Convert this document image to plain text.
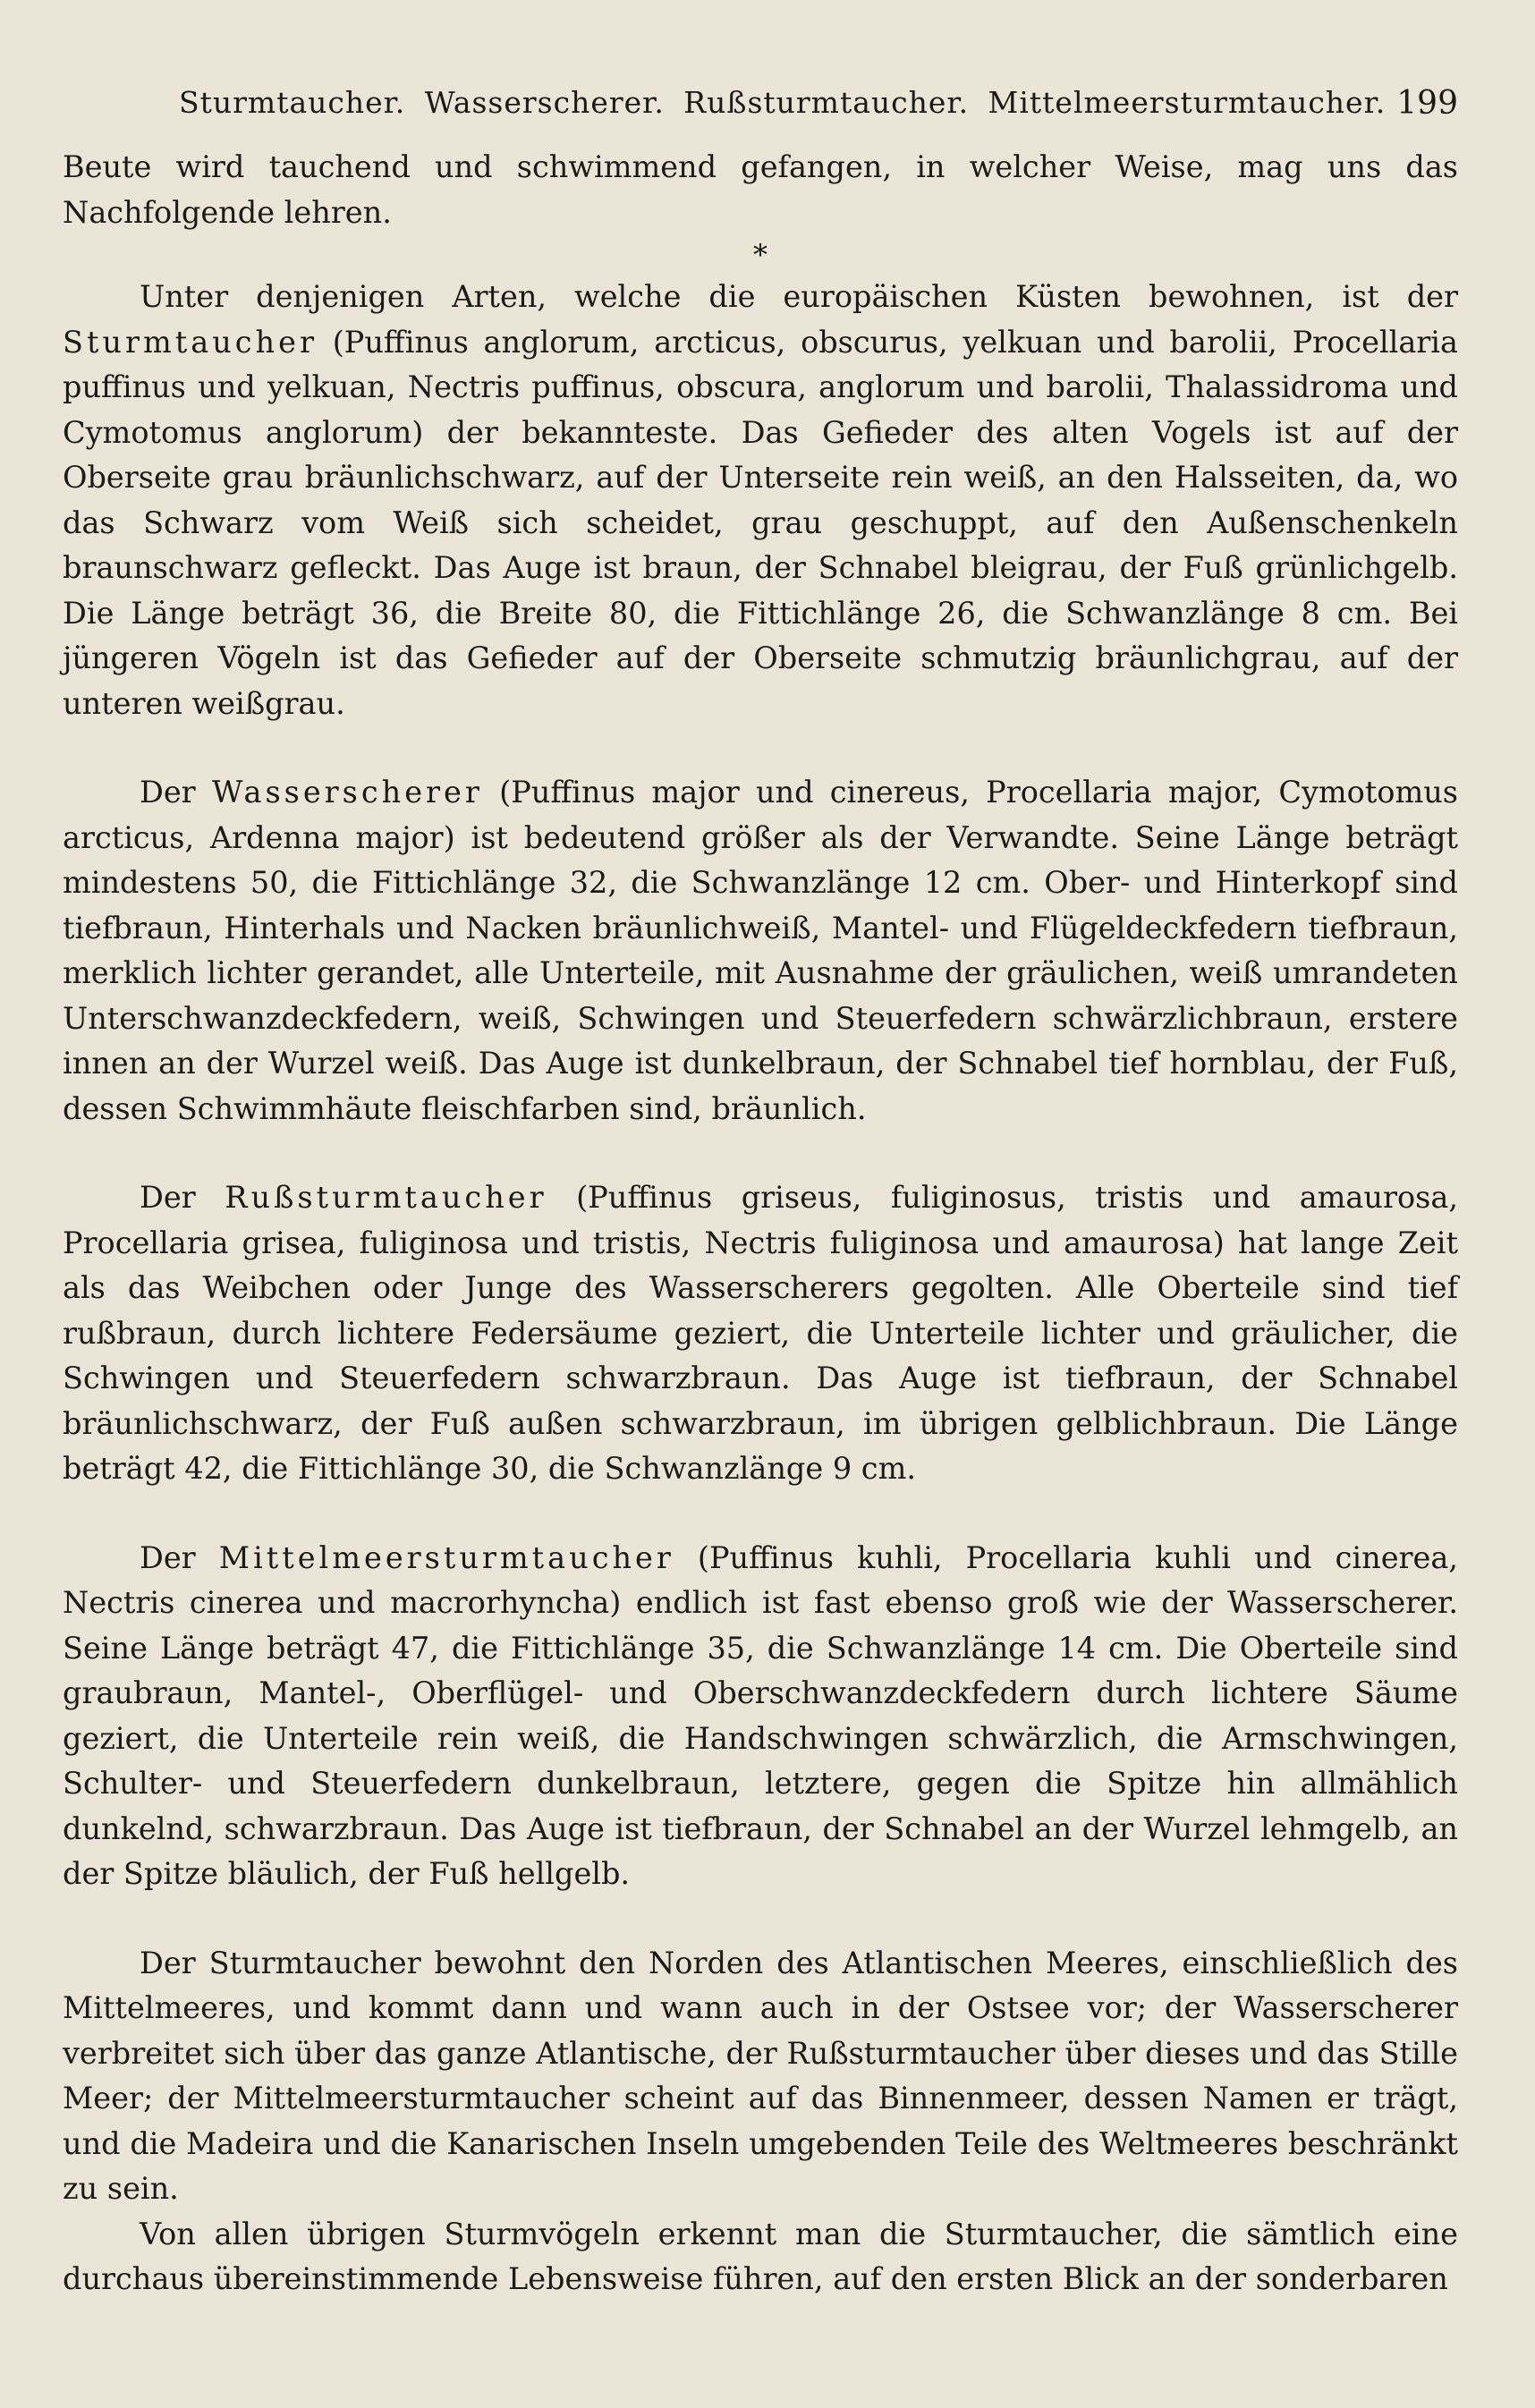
Sturmtaucher. Wasserscherer. Rußsturmtaucher. Mittelmeersturmtaucher. 199

Beute wird tauchend und schwimmend gefangen, in welcher Weise, mag uns das Nachfolgende lehren.

*

Unter denjenigen Arten, welche die europäischen Küsten bewohnen, ist der Sturmtaucher (Puffinus anglorum, arcticus, obscurus, yelkuan und barolii, Procellaria puffinus und yelkuan, Nectris puffinus, obscura, anglorum und barolii, Thalassidroma und Cymotomus anglorum) der bekannteste. Das Gefieder des alten Vogels ist auf der Oberseite grau bräunlichschwarz, auf der Unterseite rein weiß, an den Halsseiten, da, wo das Schwarz vom Weiß sich scheidet, grau geschuppt, auf den Außenschenkeln braunschwarz gefleckt. Das Auge ist braun, der Schnabel bleigrau, der Fuß grünlichgelb. Die Länge beträgt 36, die Breite 80, die Fittichlänge 26, die Schwanzlänge 8 cm. Bei jüngeren Vögeln ist das Gefieder auf der Oberseite schmutzig bräunlichgrau, auf der unteren weißgrau.

Der Wasserscherer (Puffinus major und cinereus, Procellaria major, Cymotomus arcticus, Ardenna major) ist bedeutend größer als der Verwandte. Seine Länge beträgt mindestens 50, die Fittichlänge 32, die Schwanzlänge 12 cm. Ober- und Hinterkopf sind tiefbraun, Hinterhals und Nacken bräunlichweiß, Mantel- und Flügeldeckfedern tiefbraun, merklich lichter gerandet, alle Unterteile, mit Ausnahme der gräulichen, weiß umrandeten Unterschwanzdeckfedern, weiß, Schwingen und Steuerfedern schwärzlichbraun, erstere innen an der Wurzel weiß. Das Auge ist dunkelbraun, der Schnabel tief hornblau, der Fuß, dessen Schwimmhäute fleischfarben sind, bräunlich.

Der Rußsturmtaucher (Puffinus griseus, fuliginosus, tristis und amaurosa, Procellaria grisea, fuliginosa und tristis, Nectris fuliginosa und amaurosa) hat lange Zeit als das Weibchen oder Junge des Wasserscherers gegolten. Alle Oberteile sind tief rußbraun, durch lichtere Federsäume geziert, die Unterteile lichter und gräulicher, die Schwingen und Steuerfedern schwarzbraun. Das Auge ist tiefbraun, der Schnabel bräunlichschwarz, der Fuß außen schwarzbraun, im übrigen gelblichbraun. Die Länge beträgt 42, die Fittichlänge 30, die Schwanzlänge 9 cm.

Der Mittelmeersturmtaucher (Puffinus kuhli, Procellaria kuhli und cinerea, Nectris cinerea und macrorhyncha) endlich ist fast ebenso groß wie der Wasserscherer. Seine Länge beträgt 47, die Fittichlänge 35, die Schwanzlänge 14 cm. Die Oberteile sind graubraun, Mantel-, Oberflügel- und Oberschwanzdeckfedern durch lichtere Säume geziert, die Unterteile rein weiß, die Handschwingen schwärzlich, die Armschwingen, Schulter- und Steuerfedern dunkelbraun, letztere, gegen die Spitze hin allmählich dunkelnd, schwarzbraun. Das Auge ist tiefbraun, der Schnabel an der Wurzel lehmgelb, an der Spitze bläulich, der Fuß hellgelb.

Der Sturmtaucher bewohnt den Norden des Atlantischen Meeres, einschließlich des Mittelmeeres, und kommt dann und wann auch in der Ostsee vor; der Wasserscherer verbreitet sich über das ganze Atlantische, der Rußsturmtaucher über dieses und das Stille Meer; der Mittelmeersturmtaucher scheint auf das Binnenmeer, dessen Namen er trägt, und die Madeira und die Kanarischen Inseln umgebenden Teile des Weltmeeres beschränkt zu sein.

Von allen übrigen Sturmvögeln erkennt man die Sturmtaucher, die sämtlich eine durchaus übereinstimmende Lebensweise führen, auf den ersten Blick an der sonderbaren
